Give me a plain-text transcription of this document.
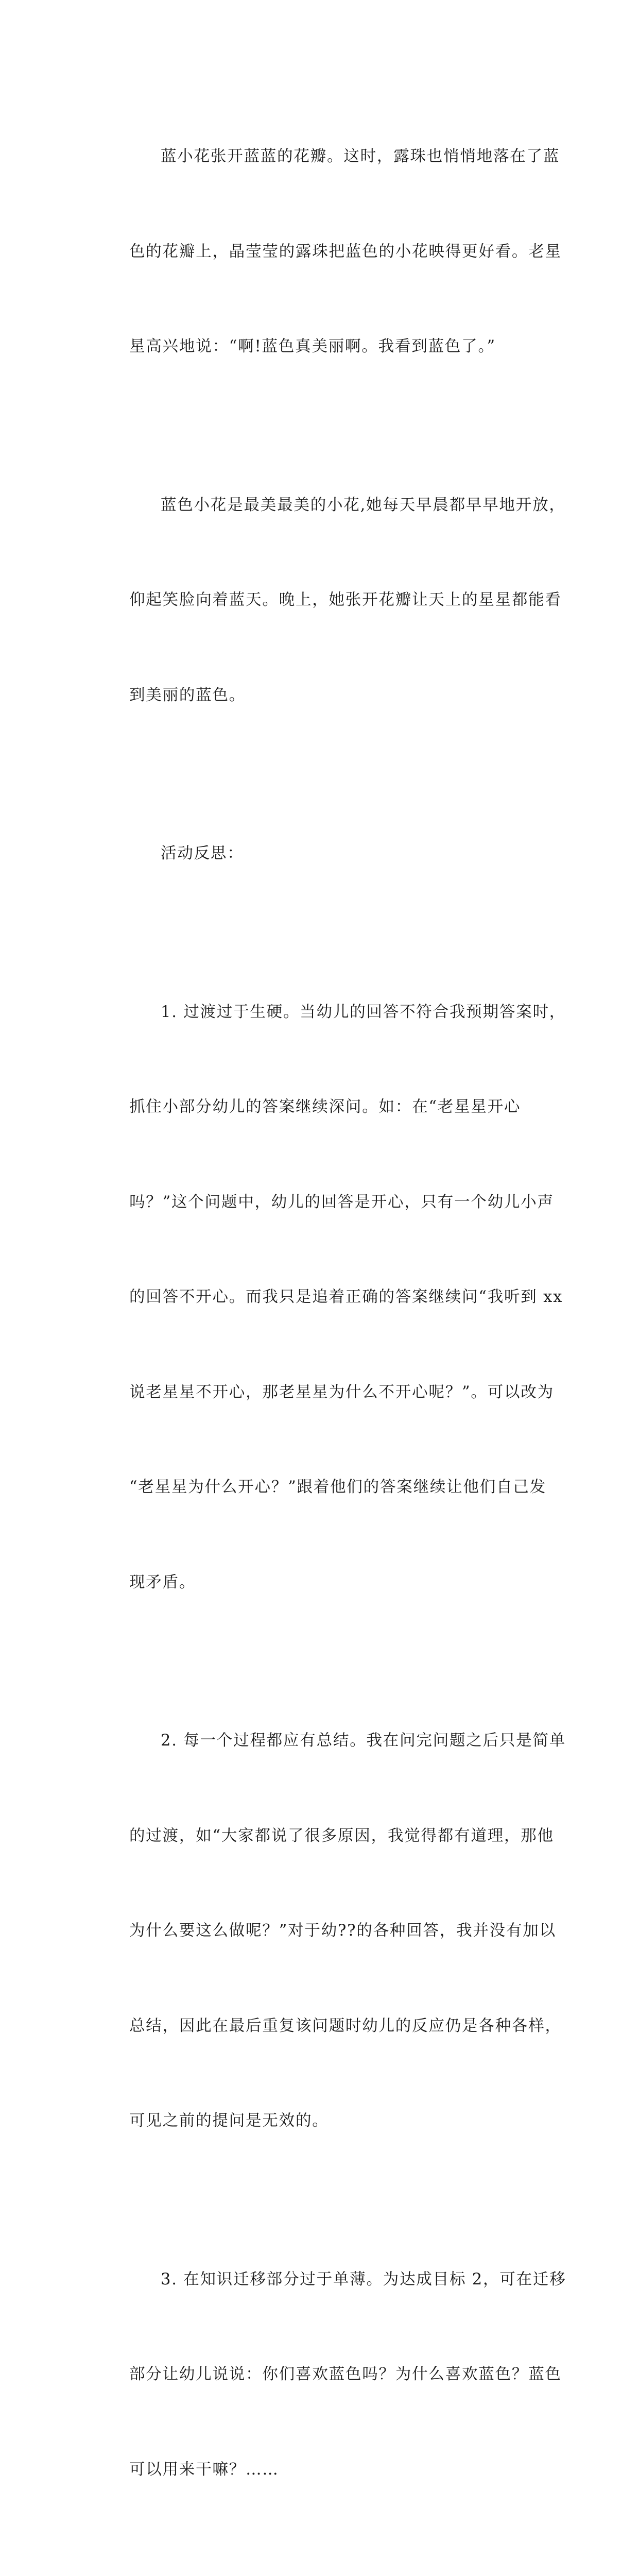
蓝小花张开蓝蓝的花瓣。这时，露珠也悄悄地落在了蓝

色的花瓣上，晶莹莹的露珠把蓝色的小花映得更好看。老星

星高兴地说：“啊!蓝色真美丽啊。我看到蓝色了。”

蓝色小花是最美最美的小花,她每天早晨都早早地开放，

仰起笑脸向着蓝天。晚上，她张开花瓣让天上的星星都能看

到美丽的蓝色。

活动反思：

1. 过渡过于生硬。当幼儿的回答不符合我预期答案时，

抓住小部分幼儿的答案继续深问。如：在“老星星开心

吗？”这个问题中，幼儿的回答是开心，只有一个幼儿小声

的回答不开心。而我只是追着正确的答案继续问“我听到 xx

说老星星不开心，那老星星为什么不开心呢？”。可以改为

“老星星为什么开心？”跟着他们的答案继续让他们自己发

现矛盾。

2. 每一个过程都应有总结。我在问完问题之后只是简单

的过渡，如“大家都说了很多原因，我觉得都有道理，那他

为什么要这么做呢？”对于幼??的各种回答，我并没有加以

总结，因此在最后重复该问题时幼儿的反应仍是各种各样，

可见之前的提问是无效的。

3. 在知识迁移部分过于单薄。为达成目标 2，可在迁移

部分让幼儿说说：你们喜欢蓝色吗？为什么喜欢蓝色？蓝色

可以用来干嘛？……
